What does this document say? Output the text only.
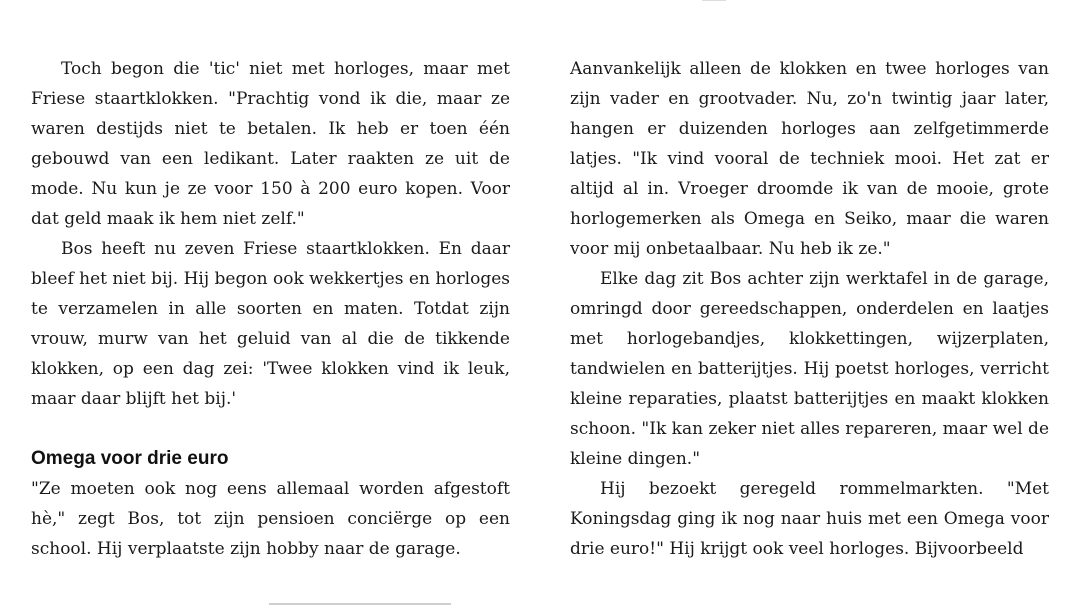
Toch begon die 'tic' niet met horloges, maar met Friese staartklokken. "Prachtig vond ik die, maar ze waren destijds niet te betalen. Ik heb er toen één gebouwd van een ledikant. Later raakten ze uit de mode. Nu kun je ze voor 150 à 200 euro kopen. Voor dat geld maak ik hem niet zelf."

Bos heeft nu zeven Friese staartklokken. En daar bleef het niet bij. Hij begon ook wekkertjes en horloges te verzamelen in alle soorten en maten. Totdat zijn vrouw, murw van het geluid van al die de tikkende klokken, op een dag zei: 'Twee klokken vind ik leuk, maar daar blijft het bij.'

Omega voor drie euro

"Ze moeten ook nog eens allemaal worden afgestoft hè," zegt Bos, tot zijn pensioen conciërge op een school. Hij verplaatste zijn hobby naar de garage.

Aanvankelijk alleen de klokken en twee horloges van zijn vader en grootvader. Nu, zo'n twintig jaar later, hangen er duizenden horloges aan zelfgetimmerde latjes. "Ik vind vooral de techniek mooi. Het zat er altijd al in. Vroeger droomde ik van de mooie, grote horlogemerken als Omega en Seiko, maar die waren voor mij onbetaalbaar. Nu heb ik ze."

Elke dag zit Bos achter zijn werktafel in de garage, omringd door gereedschappen, onderdelen en laatjes met horlogebandjes, klokkettingen, wijzerplaten, tandwielen en batterijtjes. Hij poetst horloges, verricht kleine reparaties, plaatst batterijtjes en maakt klokken schoon. "Ik kan zeker niet alles repareren, maar wel de kleine dingen."

Hij bezoekt geregeld rommelmarkten. "Met Koningsdag ging ik nog naar huis met een Omega voor drie euro!" Hij krijgt ook veel horloges. Bijvoorbeeld
